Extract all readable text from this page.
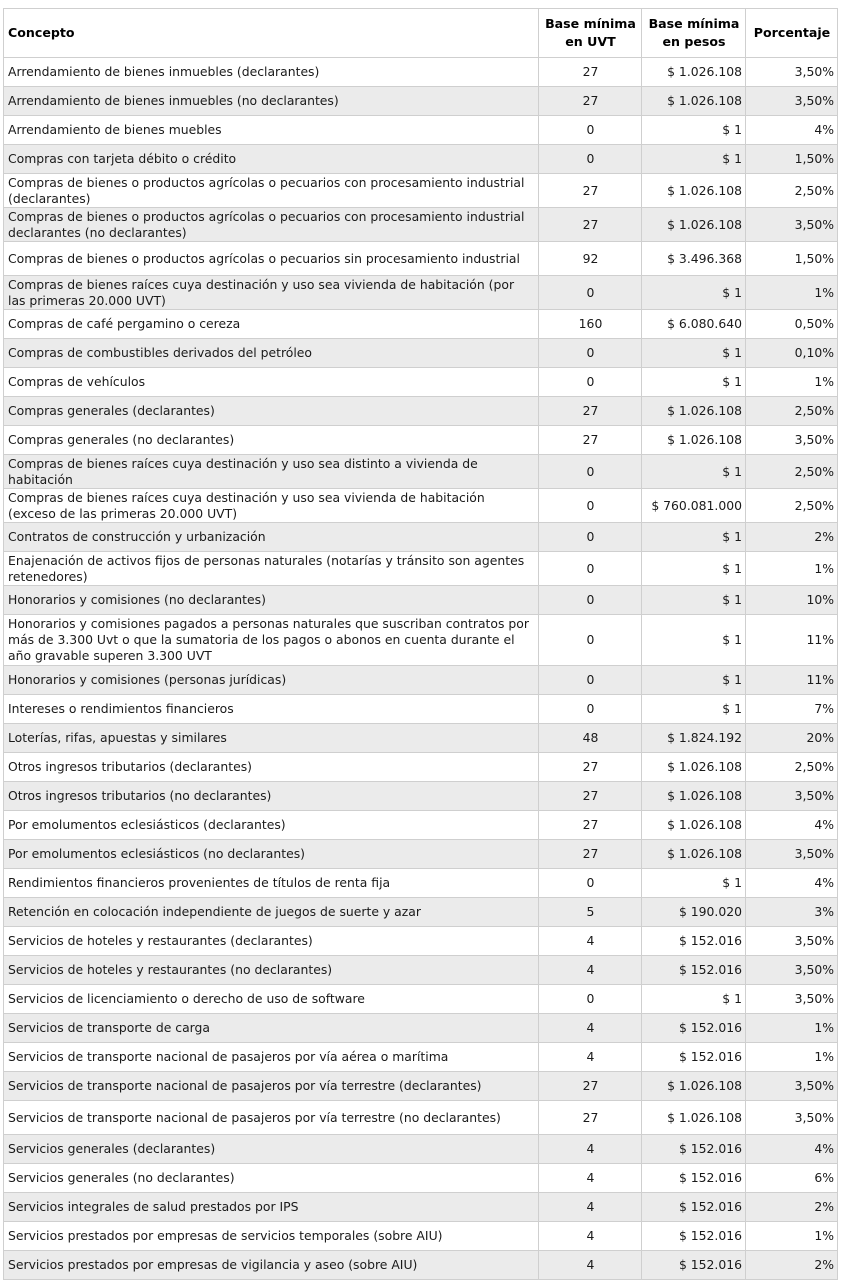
Concepto	Base mínima en UVT	Base mínima en pesos	Porcentaje
Arrendamiento de bienes inmuebles (declarantes)	27	$ 1.026.108	3,50%
Arrendamiento de bienes inmuebles (no declarantes)	27	$ 1.026.108	3,50%
Arrendamiento de bienes muebles	0	$ 1	4%
Compras con tarjeta débito o crédito	0	$ 1	1,50%
Compras de bienes o productos agrícolas o pecuarios con procesamiento industrial (declarantes)	27	$ 1.026.108	2,50%
Compras de bienes o productos agrícolas o pecuarios con procesamiento industrial declarantes (no declarantes)	27	$ 1.026.108	3,50%
Compras de bienes o productos agrícolas o pecuarios sin procesamiento industrial	92	$ 3.496.368	1,50%
Compras de bienes raíces cuya destinación y uso sea vivienda de habitación (por las primeras 20.000 UVT)	0	$ 1	1%
Compras de café pergamino o cereza	160	$ 6.080.640	0,50%
Compras de combustibles derivados del petróleo	0	$ 1	0,10%
Compras de vehículos	0	$ 1	1%
Compras generales (declarantes)	27	$ 1.026.108	2,50%
Compras generales (no declarantes)	27	$ 1.026.108	3,50%
Compras de bienes raíces cuya destinación y uso sea distinto a vivienda de habitación	0	$ 1	2,50%
Compras de bienes raíces cuya destinación y uso sea vivienda de habitación (exceso de las primeras 20.000 UVT)	0	$ 760.081.000	2,50%
Contratos de construcción y urbanización	0	$ 1	2%
Enajenación de activos fijos de personas naturales (notarías y tránsito son agentes retenedores)	0	$ 1	1%
Honorarios y comisiones (no declarantes)	0	$ 1	10%
Honorarios y comisiones pagados a personas naturales que suscriban contratos por más de 3.300 Uvt o que la sumatoria de los pagos o abonos en cuenta durante el año gravable superen 3.300 UVT	0	$ 1	11%
Honorarios y comisiones (personas jurídicas)	0	$ 1	11%
Intereses o rendimientos financieros	0	$ 1	7%
Loterías, rifas, apuestas y similares	48	$ 1.824.192	20%
Otros ingresos tributarios (declarantes)	27	$ 1.026.108	2,50%
Otros ingresos tributarios (no declarantes)	27	$ 1.026.108	3,50%
Por emolumentos eclesiásticos (declarantes)	27	$ 1.026.108	4%
Por emolumentos eclesiásticos (no declarantes)	27	$ 1.026.108	3,50%
Rendimientos financieros provenientes de títulos de renta fija	0	$ 1	4%
Retención en colocación independiente de juegos de suerte y azar	5	$ 190.020	3%
Servicios de hoteles y restaurantes (declarantes)	4	$ 152.016	3,50%
Servicios de hoteles y restaurantes (no declarantes)	4	$ 152.016	3,50%
Servicios de licenciamiento o derecho de uso de software	0	$ 1	3,50%
Servicios de transporte de carga	4	$ 152.016	1%
Servicios de transporte nacional de pasajeros por vía aérea o marítima	4	$ 152.016	1%
Servicios de transporte nacional de pasajeros por vía terrestre (declarantes)	27	$ 1.026.108	3,50%
Servicios de transporte nacional de pasajeros por vía terrestre (no declarantes)	27	$ 1.026.108	3,50%
Servicios generales (declarantes)	4	$ 152.016	4%
Servicios generales (no declarantes)	4	$ 152.016	6%
Servicios integrales de salud prestados por IPS	4	$ 152.016	2%
Servicios prestados por empresas de servicios temporales (sobre AIU)	4	$ 152.016	1%
Servicios prestados por empresas de vigilancia y aseo (sobre AIU)	4	$ 152.016	2%
